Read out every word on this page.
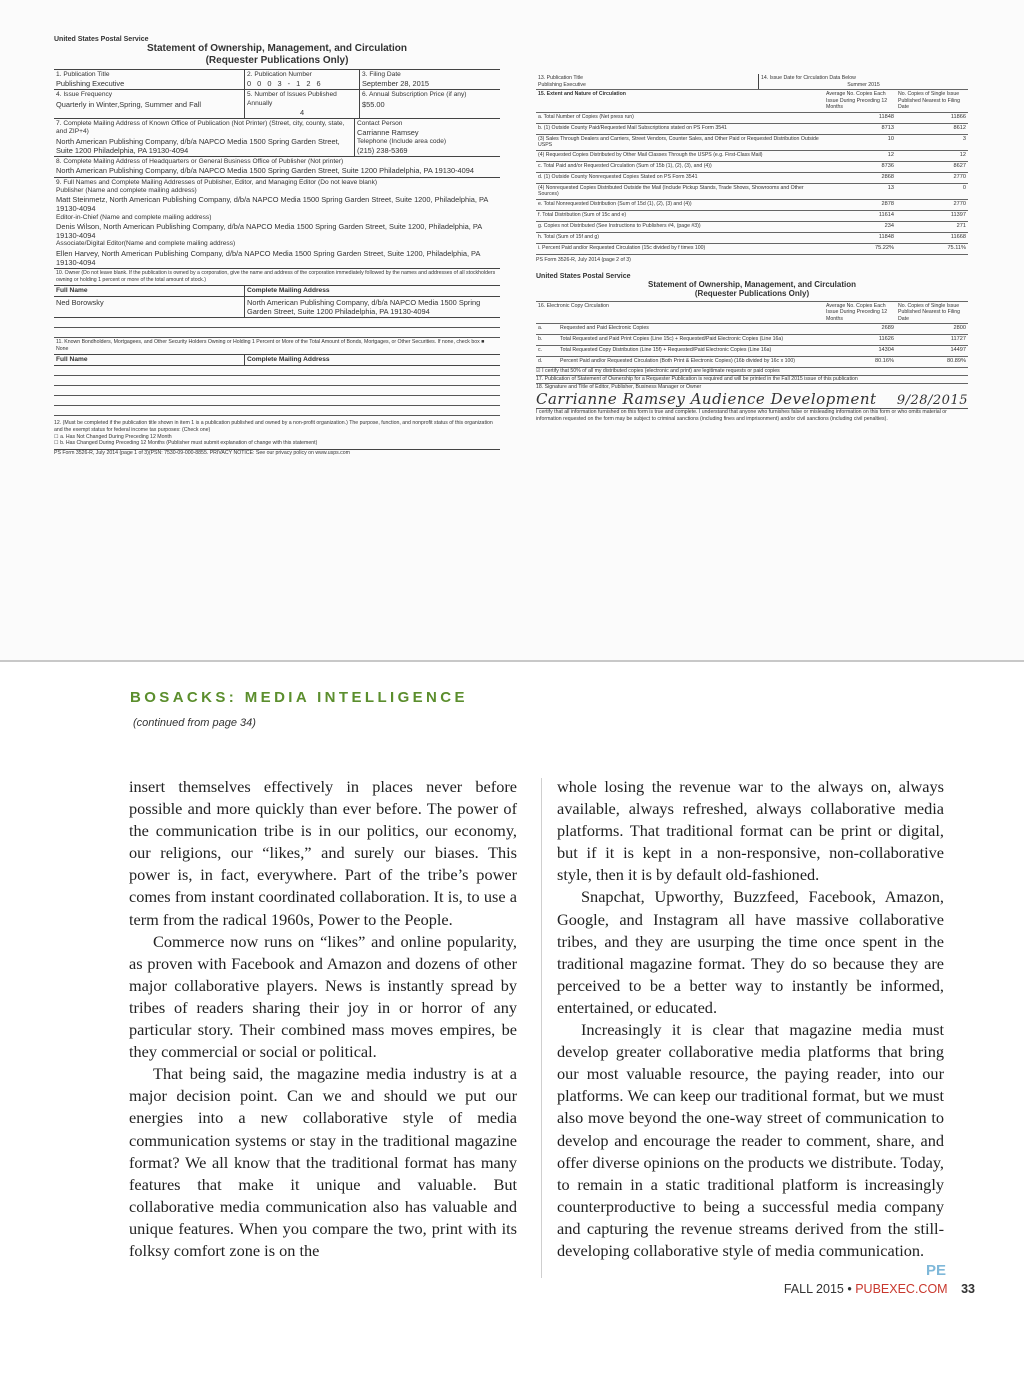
United States Postal Service
Statement of Ownership, Management, and Circulation
(Requester Publications Only)
1. Publication Title
Publishing Executive
2. Publication Number
0 0 0 3 - 1 2 6
3. Filing Date
September 28, 2015
4. Issue Frequency
Quarterly in Winter,Spring, Summer and Fall
5. Number of Issues Published Annually
4
6. Annual Subscription Price (if any)
$55.00
7. Complete Mailing Address of Known Office of Publication (Not Printer) (Street, city, county, state, and ZIP+4)
North American Publishing Company, d/b/a NAPCO Media 1500 Spring Garden Street, Suite 1200 Philadelphia, PA 19130-4094
Contact Person
Carrianne Ramsey
Telephone (Include area code)
(215) 238-5369
8. Complete Mailing Address of Headquarters or General Business Office of Publisher (Not printer)
North American Publishing Company, d/b/a NAPCO Media 1500 Spring Garden Street, Suite 1200 Philadelphia, PA 19130-4094
9. Full Names and Complete Mailing Addresses of Publisher, Editor, and Managing Editor (Do not leave blank)
Publisher (Name and complete mailing address)
Matt Steinmetz, North American Publishing Company, d/b/a NAPCO Media 1500 Spring Garden Street, Suite 1200, Philadelphia, PA 19130-4094
Editor-in-Chief (Name and complete mailing address)
Denis Wilson, North American Publishing Company, d/b/a NAPCO Media 1500 Spring Garden Street, Suite 1200, Philadelphia, PA 19130-4094
Associate/Digital Editor(Name and complete mailing address)
Ellen Harvey, North American Publishing Company, d/b/a NAPCO Media 1500 Spring Garden Street, Suite 1200, Philadelphia, PA 19130-4094
10. Owner (Do not leave blank. If the publication is owned by a corporation, give the name and address of the corporation immediately followed by the names and addresses of all stockholders owning or holding 1 percent or more of the total amount of stock.)
Full Name	Complete Mailing Address
Ned Borowsky	North American Publishing Company, d/b/a NAPCO Media 1500 Spring Garden Street, Suite 1200 Philadelphia, PA 19130-4094
11. Known Bondholders, Mortgagees, and Other Security Holders Owning or Holding 1 Percent or More of the Total Amount of Bonds, Mortgages, or Other Securities. If none, check box ■ None
Full Name	Complete Mailing Address
12. (Must be completed if the publication title shown in item 1 is a publication published and owned by a non-profit organization.) The purpose, function, and nonprofit status of this organization and the exempt status for federal income tax purposes: (Check one)
☐ a. Has Not Changed During Preceding 12 Month
☐ b. Has Changed During Preceding 12 Months (Publisher must submit explanation of change with this statement)
PS Form 3526-R, July 2014 (page 1 of 3)(PSN: 7530-09-000-8855. PRIVACY NOTICE: See our privacy policy on www.usps.com
13. Publication Title
Publishing Executive
14. Issue Date for Circulation Data Below
Summer 2015
15. Extent and Nature of Circulation	Average No. Copies Each Issue During Preceding 12 Months
No. Copies of Single Issue Published Nearest to Filing Date
a. Total Number of Copies (Net press run)	11848	11866
b. (1) Outside County Paid/Requested Mail Subscriptions stated on PS Form 3541	8713	8612
(3) Sales Through Dealers and Carriers, Street Vendors, Counter Sales, and Other Paid or Requested Distribution Outside USPS
10	3
(4) Requested Copies Distributed by Other Mail Classes Through the USPS (e.g. First-Class Mail)	12	12
c. Total Paid and/or Requested Circulation (Sum of 15b (1), (2), (3), and (4))	8736	8627
d. (1) Outside County Nonrequested Copies Stated on PS Form 3541	2868	2770
(4) Nonrequested Copies Distributed Outside the Mail (Include Pickup Stands, Trade Shows, Showrooms and Other Sources)
13	0
e. Total Nonrequested Distribution (Sum of 15d (1), (2), (3) and (4))	2878	2770
f. Total Distribution (Sum of 15c and e)	11614	11397
g. Copies not Distributed (See Instructions to Publishers #4, (page #3))	234	271
h. Total (Sum of 15f and g)	11848	11668
i. Percent Paid and/or Requested Circulation (15c divided by f times 100)	75.22%	75.11%
PS Form 3526-R, July 2014 (page 2 of 3)
United States Postal Service
Statement of Ownership, Management, and Circulation
(Requester Publications Only)
16. Electronic Copy Circulation	Average No. Copies Each Issue During Preceding 12 Months
No. Copies of Single Issue Published Nearest to Filing Date
a.	Requested and Paid Electronic Copies	2689	2800
b.	Total Requested and Paid Print Copies (Line 15c) + Requested/Paid Electronic Copies (Line 16a)	11626	11727
c.	Total Requested Copy Distribution (Line 15f) + Requested/Paid Electronic Copies (Line 16a)	14304	14497
d.	Percent Paid and/or Requested Circulation (Both Print & Electronic Copies) (16b divided by 16c x 100)	80.16%	80.89%
☑ I certify that 50% of all my distributed copies (electronic and print) are legitimate requests or paid copies
17. Publication of Statement of Ownership for a Requester Publication is required and will be printed in the Fall 2015 issue of this publication
18. Signature and Title of Editor, Publisher, Business Manager or Owner
Carrianne Ramsey Audience Development 9/28/2015
I certify that all information furnished on this form is true and complete. I understand that anyone who furnishes false or misleading information on this form or who omits material or information requested on the form may be subject to criminal sanctions (including fines and imprisonment) and/or civil sanctions (including civil penalties).
BOSACKS: MEDIA INTELLIGENCE
(continued from page 34)

insert themselves effectively in places never before possible and more quickly than ever before. The power of the communication tribe is in our politics, our economy, our religions, our “likes,” and surely our biases. This power is, in fact, everywhere. Part of the tribe’s power comes from instant coordinated collaboration. It is, to use a term from the radical 1960s, Power to the People.

Commerce now runs on “likes” and online popularity, as proven with Facebook and Amazon and dozens of other major collaborative players. News is instantly spread by tribes of readers sharing their joy in or horror of any particular story. Their combined mass moves empires, be they commercial or social or political.

That being said, the magazine media industry is at a major decision point. Can we and should we put our energies into a new collaborative style of media communication systems or stay in the traditional magazine format? We all know that the traditional format has many features that make it unique and valuable. But collaborative media communication also has valuable and unique features. When you compare the two, print with its folksy comfort zone is on the

whole losing the revenue war to the always on, always available, always refreshed, always collaborative media platforms. That traditional format can be print or digital, but if it is kept in a non-responsive, non-collaborative style, then it is by default old-fashioned.

Snapchat, Upworthy, Buzzfeed, Facebook, Amazon, Google, and Instagram all have massive collaborative tribes, and they are usurping the time once spent in the traditional magazine format. They do so because they are perceived to be a better way to instantly be informed, entertained, or educated.

Increasingly it is clear that magazine media must develop greater collaborative media platforms that bring our most valuable resource, the paying reader, into our platforms. We can keep our traditional format, but we must also move beyond the one-way street of communication to develop and encourage the reader to comment, share, and offer diverse opinions on the products we distribute. Today, to remain in a static traditional platform is increasingly counterproductive to being a successful media company and capturing the revenue streams derived from the still-developing collaborative style of media communication.

PE
FALL 2015 • PUBEXEC.COM 33
